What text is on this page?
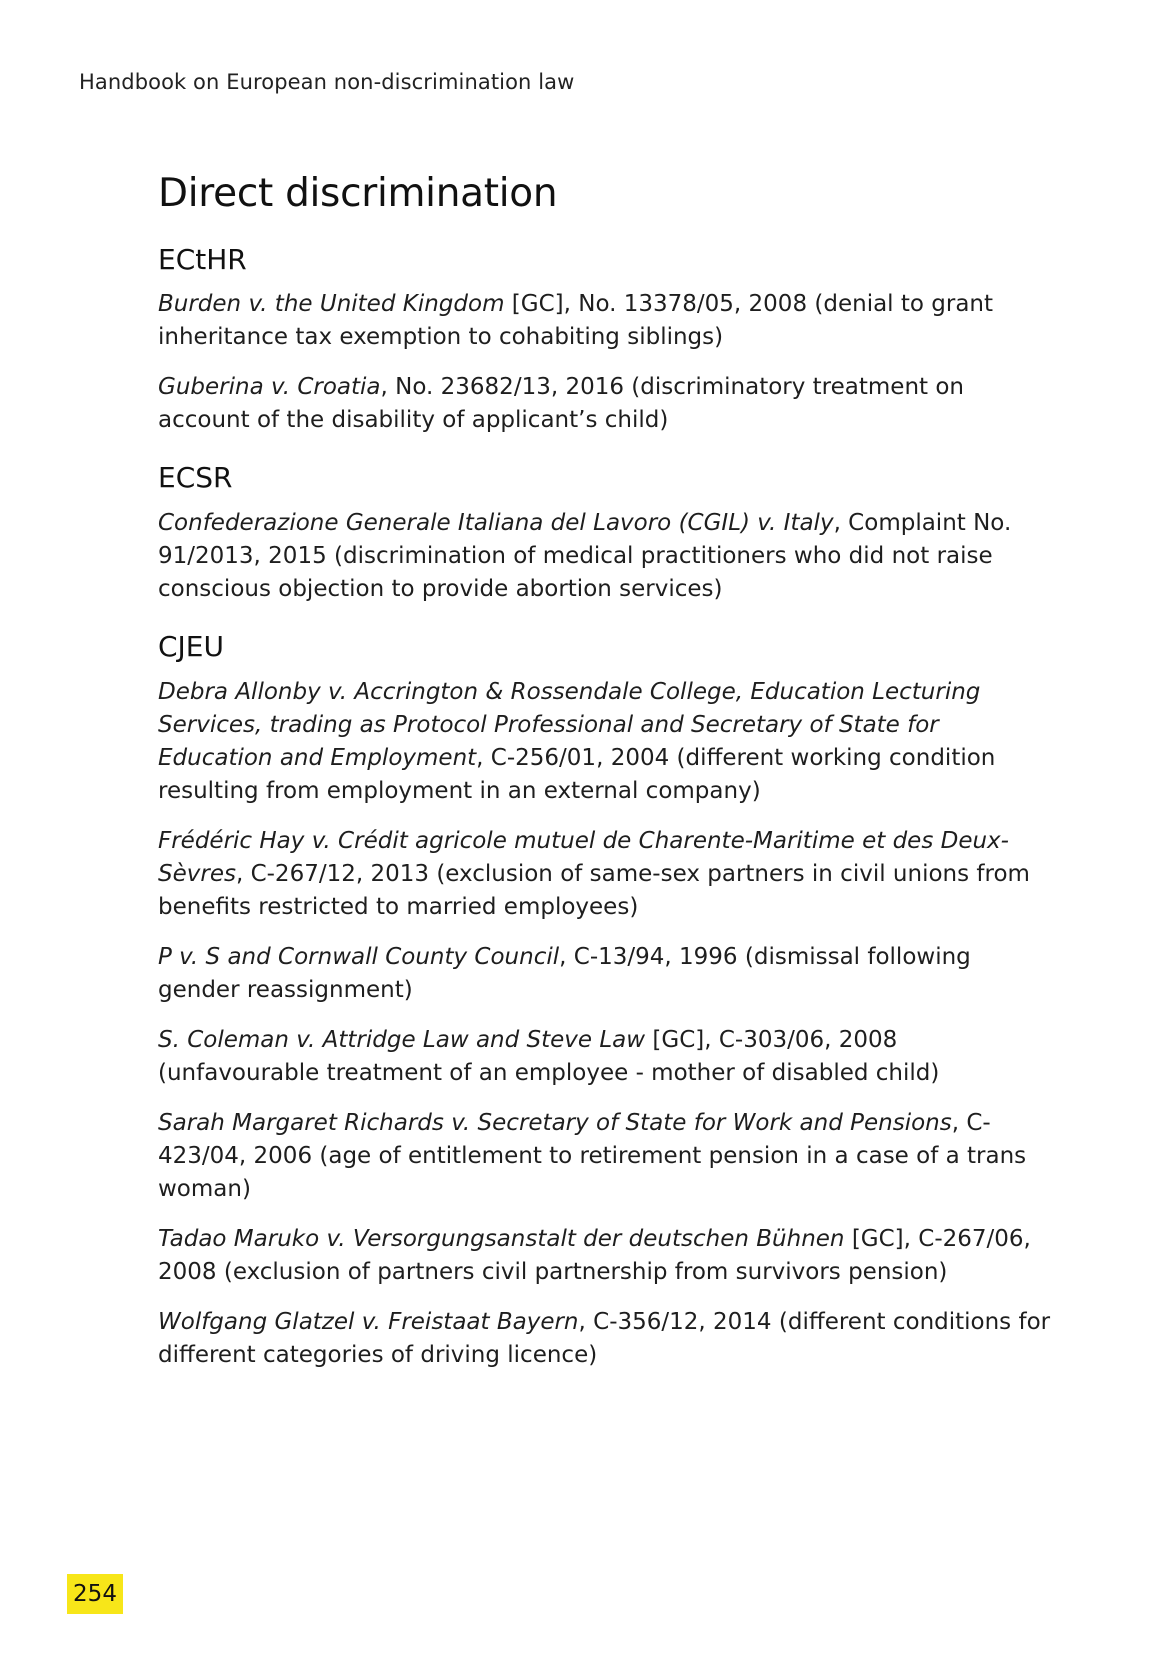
Handbook on European non-discrimination law
Direct discrimination
ECtHR

Burden v. the United Kingdom [GC], No. 13378/05, 2008 (denial to grant inheritance tax exemption to cohabiting siblings)

Guberina v. Croatia, No. 23682/13, 2016 (discriminatory treatment on account of the disability of applicant’s child)

ECSR

Confederazione Generale Italiana del Lavoro (CGIL) v. Italy, Complaint No. 91/2013, 2015 (discrimination of medical practitioners who did not raise conscious objection to provide abortion services)

CJEU

Debra Allonby v. Accrington & Rossendale College, Education Lecturing Services, trading as Protocol Professional and Secretary of State for Education and Employment, C-256/01, 2004 (different working condition resulting from employment in an external company)

Frédéric Hay v. Crédit agricole mutuel de Charente-Maritime et des Deux-Sèvres, C-267/12, 2013 (exclusion of same-sex partners in civil unions from benefits restricted to married employees)

P v. S and Cornwall County Council, C-13/94, 1996 (dismissal following gender reassignment)

S. Coleman v. Attridge Law and Steve Law [GC], C-303/06, 2008 (unfavourable treatment of an employee - mother of disabled child)

Sarah Margaret Richards v. Secretary of State for Work and Pensions, C-423/04, 2006 (age of entitlement to retirement pension in a case of a trans woman)

Tadao Maruko v. Versorgungsanstalt der deutschen Bühnen [GC], C-267/06, 2008 (exclusion of partners civil partnership from survivors pension)

Wolfgang Glatzel v. Freistaat Bayern, C-356/12, 2014 (different conditions for different categories of driving licence)

254
